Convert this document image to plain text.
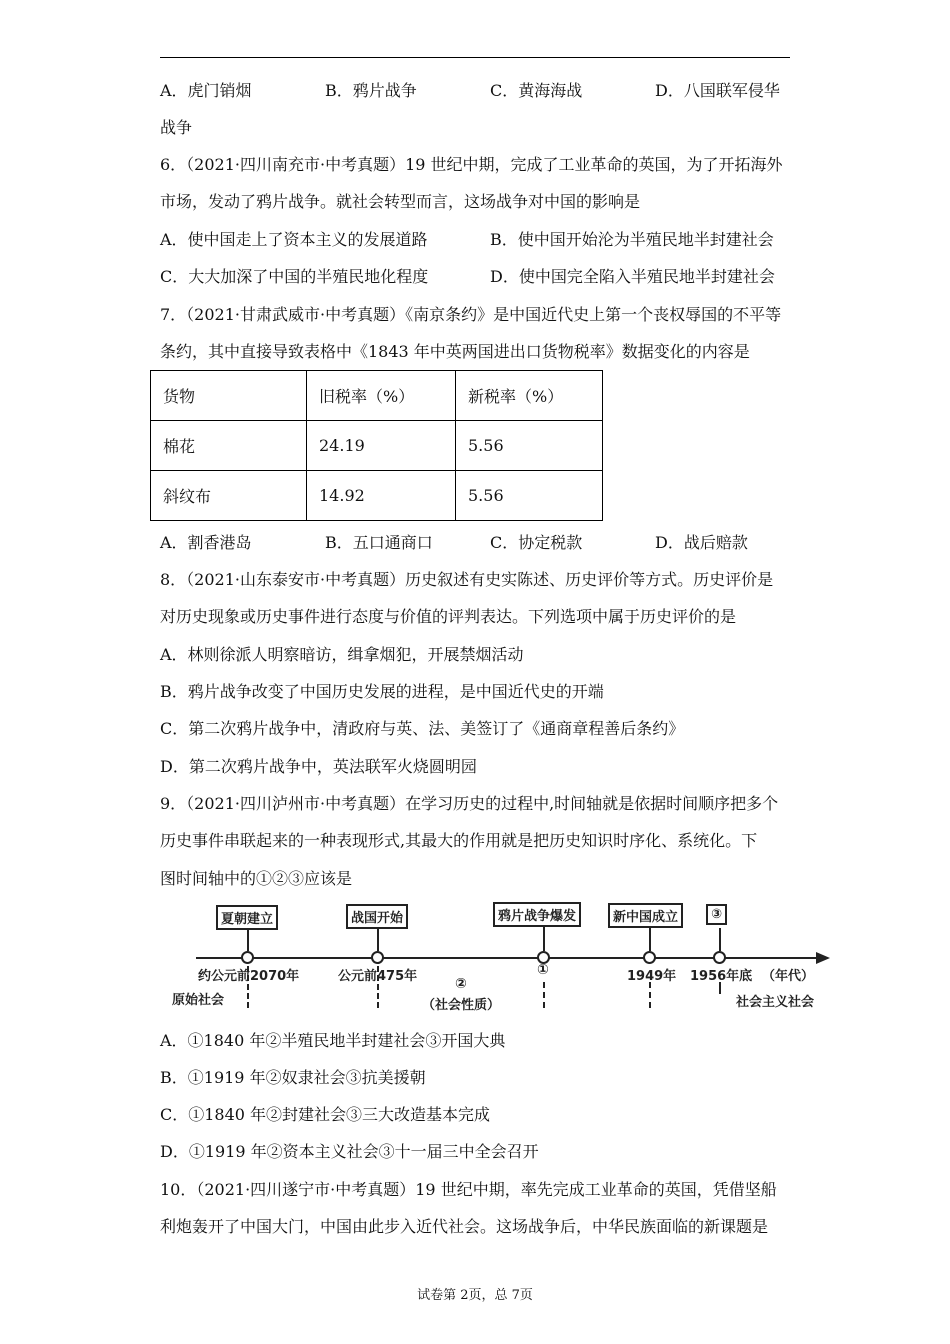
A．虎门销烟	B．鸦片战争	C．黄海海战	D．八国联军侵华
战争
6．（2021·四川南充市·中考真题）19 世纪中期，完成了工业革命的英国，为了开拓海外
市场，发动了鸦片战争。就社会转型而言，这场战争对中国的影响是
A．使中国走上了资本主义的发展道路	B．使中国开始沦为半殖民地半封建社会
C．大大加深了中国的半殖民地化程度	D．使中国完全陷入半殖民地半封建社会
7．（2021·甘肃武威市·中考真题）《南京条约》是中国近代史上第一个丧权辱国的不平等
条约，其中直接导致表格中《1843 年中英两国进出口货物税率》数据变化的内容是
货物	旧税率（%）	新税率（%）
棉花	24.19	5.56
斜纹布	14.92	5.56
A．割香港岛	B．五口通商口	C．协定税款	D．战后赔款
8．（2021·山东泰安市·中考真题）历史叙述有史实陈述、历史评价等方式。历史评价是
对历史现象或历史事件进行态度与价值的评判表达。下列选项中属于历史评价的是
A．林则徐派人明察暗访，缉拿烟犯，开展禁烟活动
B．鸦片战争改变了中国历史发展的进程，是中国近代史的开端
C．第二次鸦片战争中，清政府与英、法、美签订了《通商章程善后条约》
D．第二次鸦片战争中，英法联军火烧圆明园
9．（2021·四川泸州市·中考真题）在学习历史的过程中,时间轴就是依据时间顺序把多个
历史事件串联起来的一种表现形式,其最大的作用就是把历史知识时序化、系统化。下
图时间轴中的①②③应该是
夏朝建立	战国开始	鸦片战争爆发	新中国成立	③
约公元前2070年	公元前475年	①	1949年 1956年底 （年代）
②
（社会性质）
原始社会	社会主义社会
A．①1840 年②半殖民地半封建社会③开国大典
B．①1919 年②奴隶社会③抗美援朝
C．①1840 年②封建社会③三大改造基本完成
D．①1919 年②资本主义社会③十一届三中全会召开
10．（2021·四川遂宁市·中考真题）19 世纪中期，率先完成工业革命的英国，凭借坚船
利炮轰开了中国大门，中国由此步入近代社会。这场战争后，中华民族面临的新课题是
试卷第 2页，总 7页
